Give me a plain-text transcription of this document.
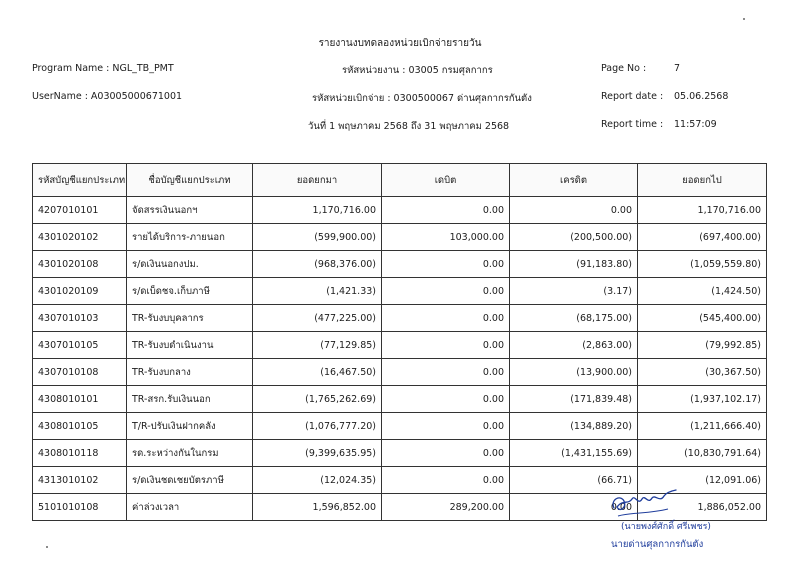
รายงานงบทดลองหน่วยเบิกจ่ายรายวัน
Program Name : NGL_TB_PMT	รหัสหน่วยงาน : 03005 กรมศุลกากร	Page No :	7
UserName : A03005000671001	รหัสหน่วยเบิกจ่าย : 0300500067 ด่านศุลกากรกันตัง	Report date : 05.06.2568
วันที่ 1 พฤษภาคม 2568 ถึง 31 พฤษภาคม 2568	Report time : 11:57:09
รหัสบัญชีแยกประเภท	ชื่อบัญชีแยกประเภท	ยอดยกมา	เดบิต	เครดิต	ยอดยกไป
4207010101	จัดสรรเงินนอกฯ	1,170,716.00	0.00	0.00	1,170,716.00
4301020102	รายได้บริการ-ภายนอก	(599,900.00)	103,000.00	(200,500.00)	(697,400.00)
4301020108	ร/ดเงินนอกงปม.	(968,376.00)	0.00	(91,183.80)	(1,059,559.80)
4301020109	ร/ดเบ็ดชจ.เก็บภาษี	(1,421.33)	0.00	(3.17)	(1,424.50)
4307010103	TR-รับงบบุคลากร	(477,225.00)	0.00	(68,175.00)	(545,400.00)
4307010105	TR-รับงบดำเนินงาน	(77,129.85)	0.00	(2,863.00)	(79,992.85)
4307010108	TR-รับงบกลาง	(16,467.50)	0.00	(13,900.00)	(30,367.50)
4308010101	TR-สรก.รับเงินนอก	(1,765,262.69)	0.00	(171,839.48)	(1,937,102.17)
4308010105	T/R-ปรับเงินฝากคลัง	(1,076,777.20)	0.00	(134,889.20)	(1,211,666.40)
4308010118	รด.ระหว่างกันในกรม	(9,399,635.95)	0.00	(1,431,155.69)	(10,830,791.64)
4313010102	ร/ดเงินชดเชยบัตรภาษี	(12,024.35)	0.00	(66.71)	(12,091.06)
5101010108	ค่าล่วงเวลา	1,596,852.00	289,200.00	0.00	1,886,052.00
(นายพงศ์ศักดิ์ ศรีเพชร)
นายด่านศุลกากรกันตัง
